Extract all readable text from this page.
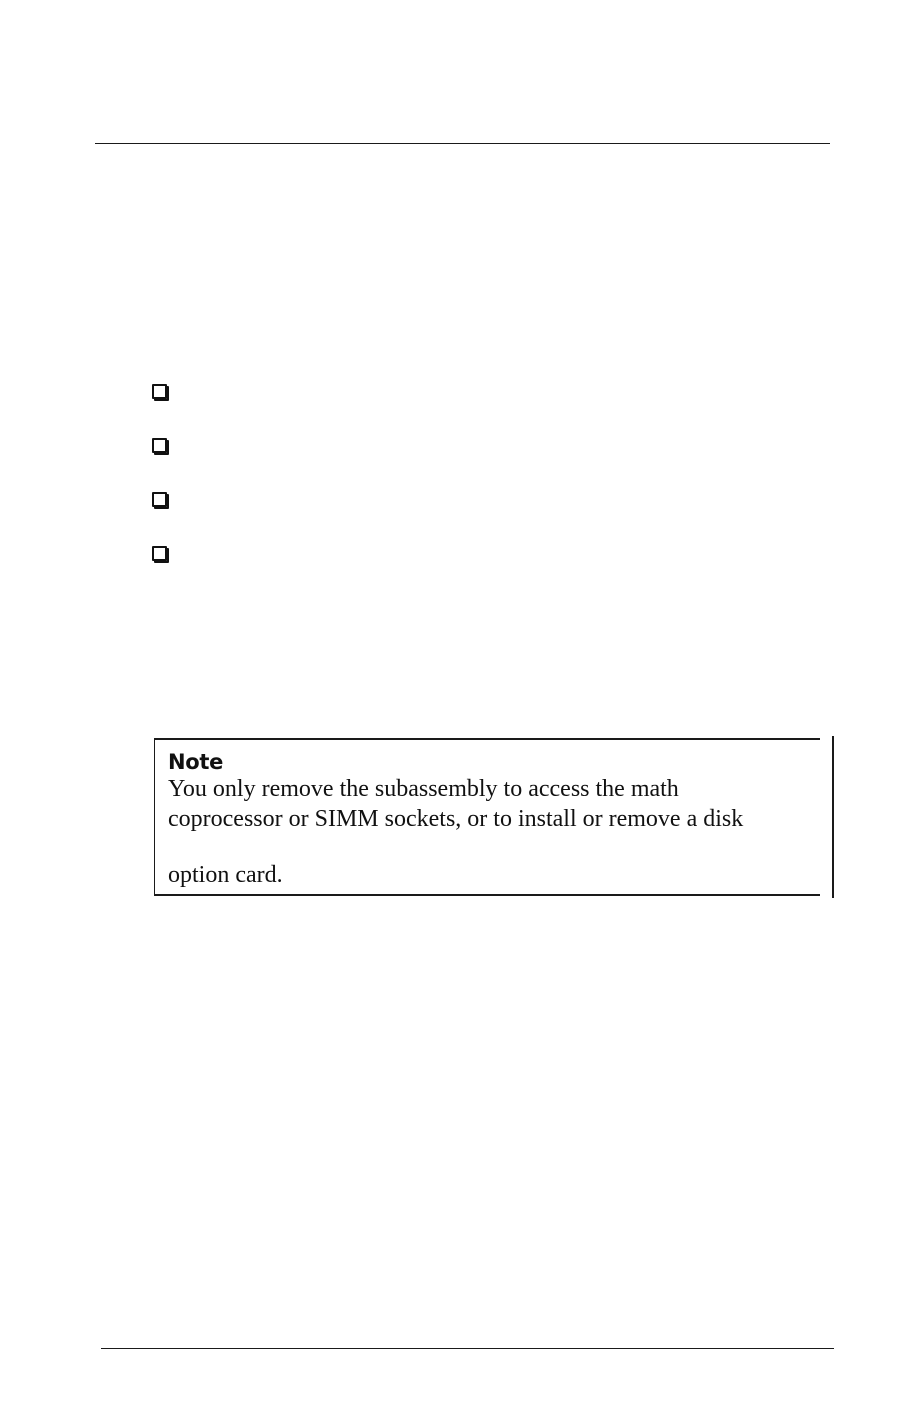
Note
You only remove the subassembly to access the math
coprocessor or SIMM sockets, or to install or remove a disk
option card.
